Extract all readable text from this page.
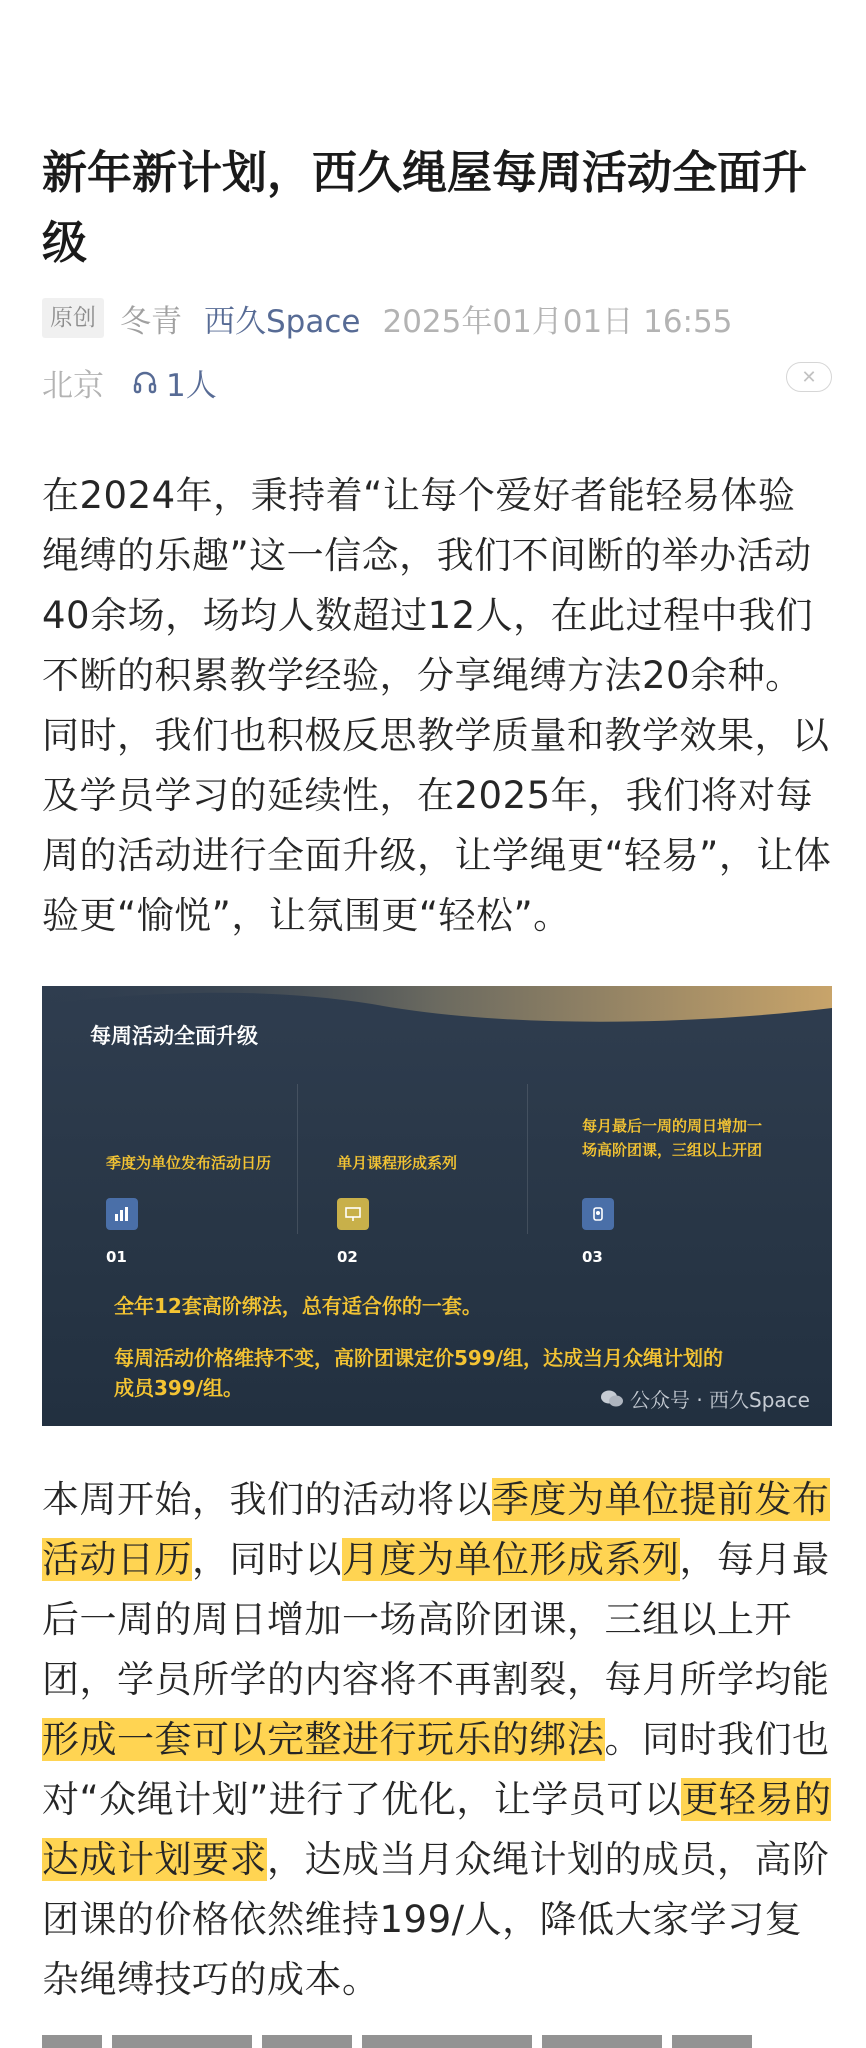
新年新计划，西久绳屋每周活动全面升级
原创 冬青 西久Space 2025年01月01日 16:55
北京 1人	✕
在2024年，秉持着“让每个爱好者能轻易体验绳缚的乐趣”这一信念，我们不间断的举办活动40余场，场均人数超过12人，在此过程中我们不断的积累教学经验，分享绳缚方法20余种。同时，我们也积极反思教学质量和教学效果，以及学员学习的延续性，在2025年，我们将对每周的活动进行全面升级，让学绳更“轻易”，让体验更“愉悦”，让氛围更“轻松”。
每周活动全面升级
季度为单位发布活动日历
01
单月课程形成系列
02
每月最后一周的周日增加一场高阶团课，三组以上开团
03
全年12套高阶绑法，总有适合你的一套。
每周活动价格维持不变，高阶团课定价599/组，达成当月众绳计划的成员399/组。	公众号 · 西久Space
本周开始，我们的活动将以季度为单位提前发布活动日历，同时以月度为单位形成系列，每月最后一周的周日增加一场高阶团课，三组以上开团，学员所学的内容将不再割裂，每月所学均能形成一套可以完整进行玩乐的绑法。同时我们也对“众绳计划”进行了优化，让学员可以更轻易的达成计划要求，达成当月众绳计划的成员，高阶团课的价格依然维持199/人，降低大家学习复杂绳缚技巧的成本。
